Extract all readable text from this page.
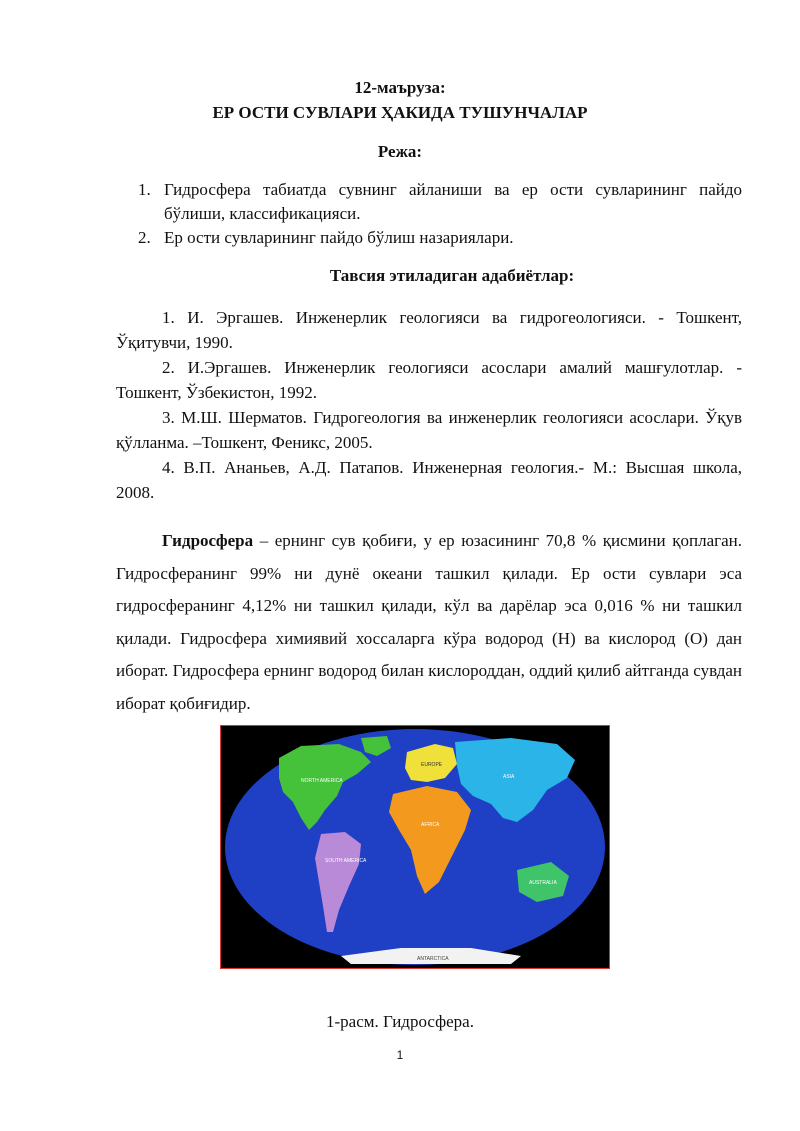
12-маъруза:
ЕР ОСТИ СУВЛАРИ ҲАКИДА ТУШУНЧАЛАР
Режа:
1. Гидросфера табиатда сувнинг айланиши ва ер ости сувларининг пайдо бўлиши, классификацияси.
2. Ер ости сувларининг пайдо бўлиш назариялари.
Тавсия этиладиган адабиётлар:
1. И. Эргашев. Инженерлик геологияси ва гидрогеологияси. - Тошкент, Ўқитувчи, 1990.
2. И.Эргашев. Инженерлик геологияси асослари амалий машғулотлар. - Тошкент, Ўзбекистон, 1992.
3. М.Ш. Шерматов. Гидрогеология ва инженерлик геологияси асослари. Ўқув қўлланма. –Тошкент, Феникс, 2005.
4. В.П. Ананьев, А.Д. Патапов. Инженерная геология.- М.: Высшая школа, 2008.
Гидросфера – ернинг сув қобиғи, у ер юзасининг 70,8 % қисмини қоплаган. Гидросферанинг 99% ни дунё океани ташкил қилади. Ер ости сувлари эса гидросферанинг 4,12% ни ташкил қилади, кўл ва дарёлар эса 0,016 % ни ташкил қилади. Гидросфера химиявий хоссаларга кўра водород (Н) ва кислород (О) дан иборат. Гидросфера ернинг водород билан кислороддан, оддий қилиб айтганда сувдан иборат қобиғидир.
NORTH AMERICA
SOUTH AMERICA
EUROPE
ASIA
AFRICA
AUSTRALIA
ANTARCTICA
1-расм. Гидросфера.
1
